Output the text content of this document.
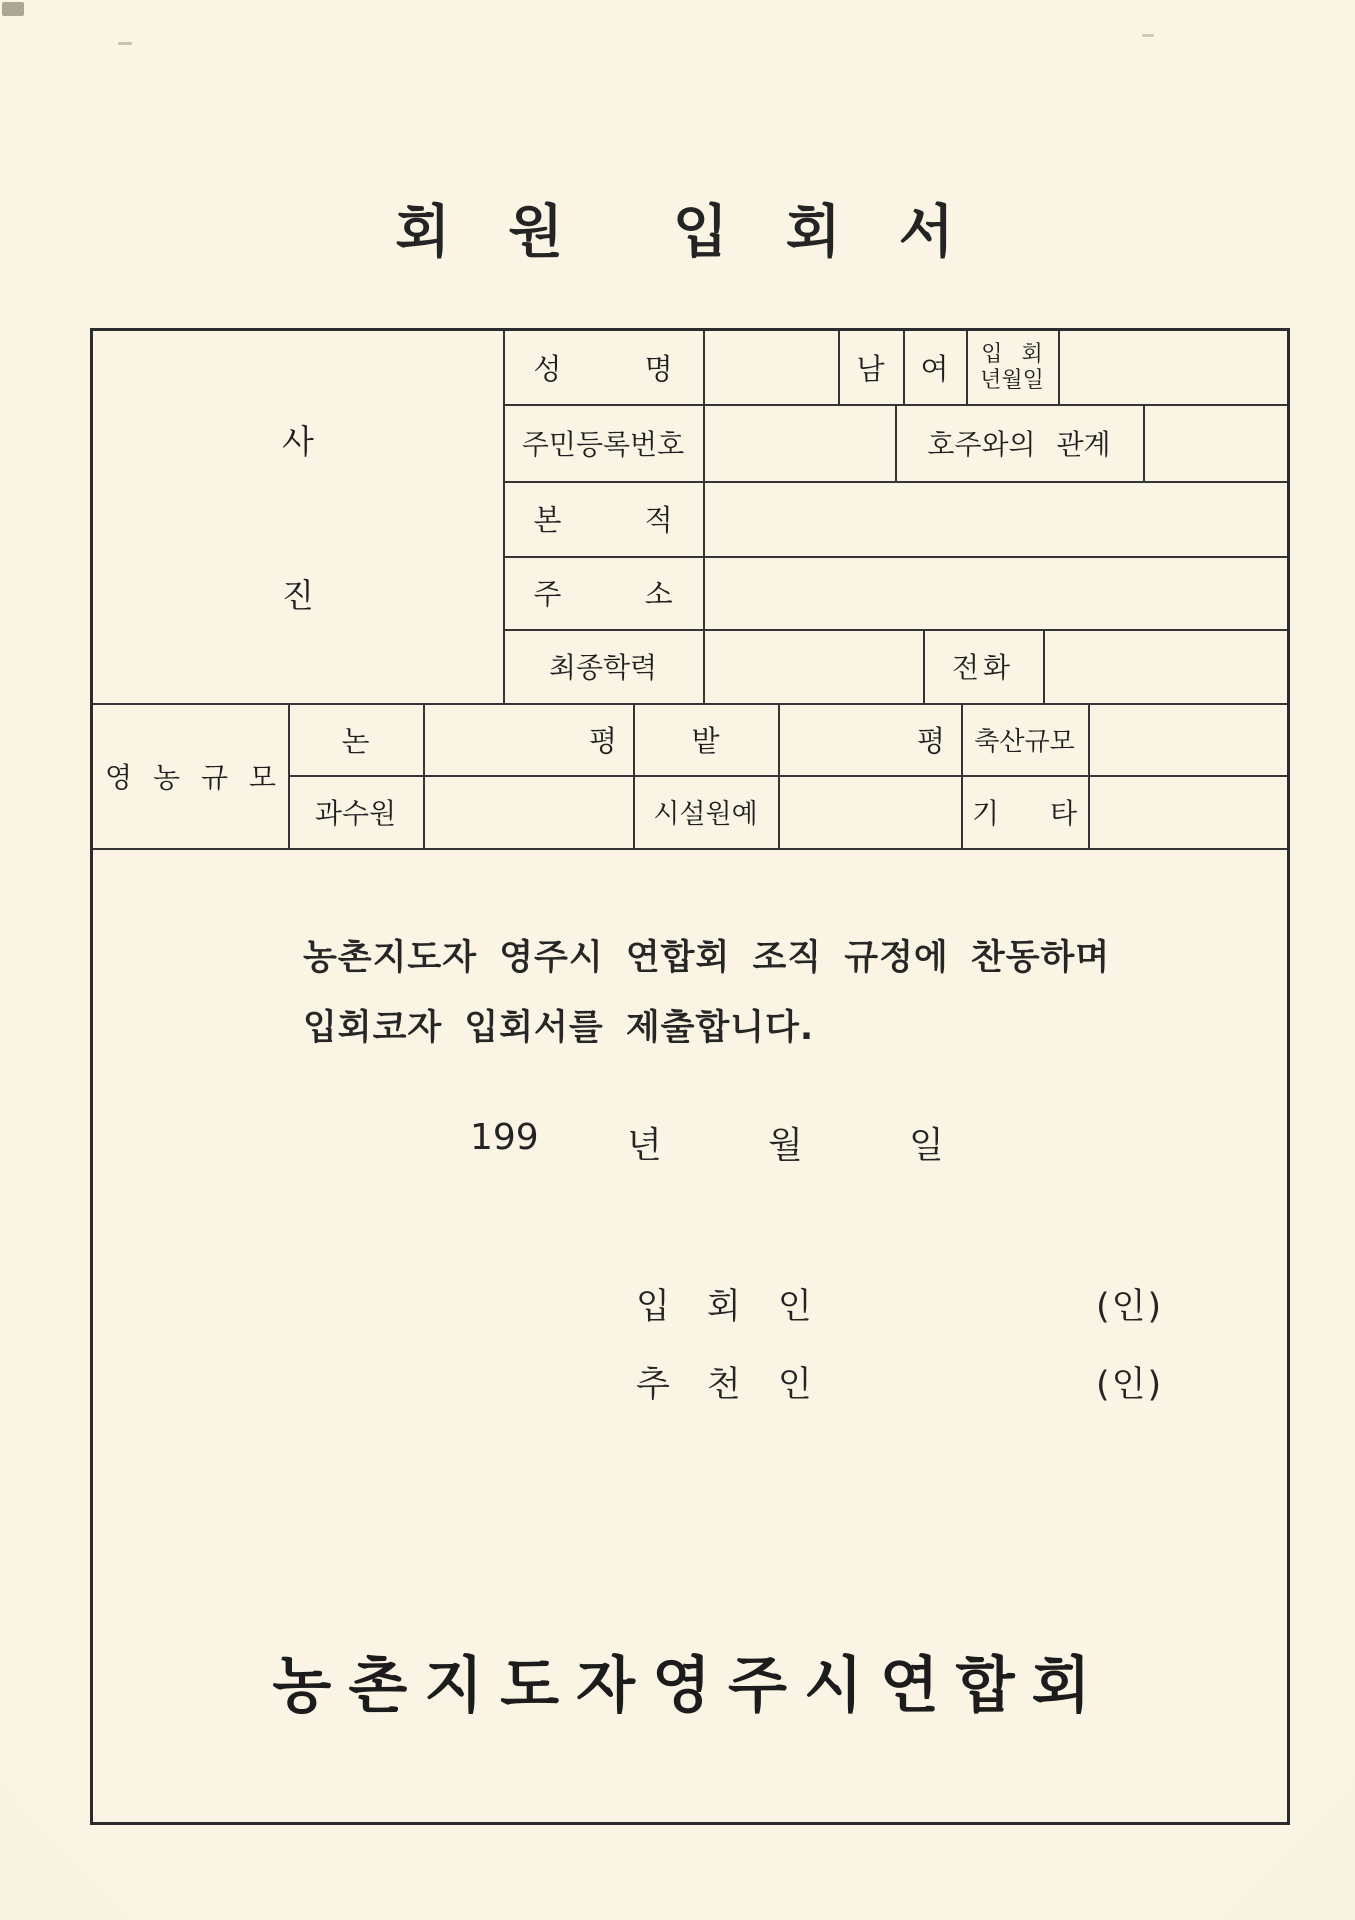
회 원  입 회 서
사
진
성 명	남	여	입 회
년월일
주민등록번호	호주와의 관계
본 적
주 소
최종학력	전화
영 농 규 모
논	평	밭	평	축산규모
과수원	시설원예	기 타
농촌지도자 영주시 연합회 조직 규정에 찬동하며
입회코자 입회서를 제출합니다.
199 년	월	일
입 회 인	(인)
추 천 인	(인)
농촌지도자영주시연합회
